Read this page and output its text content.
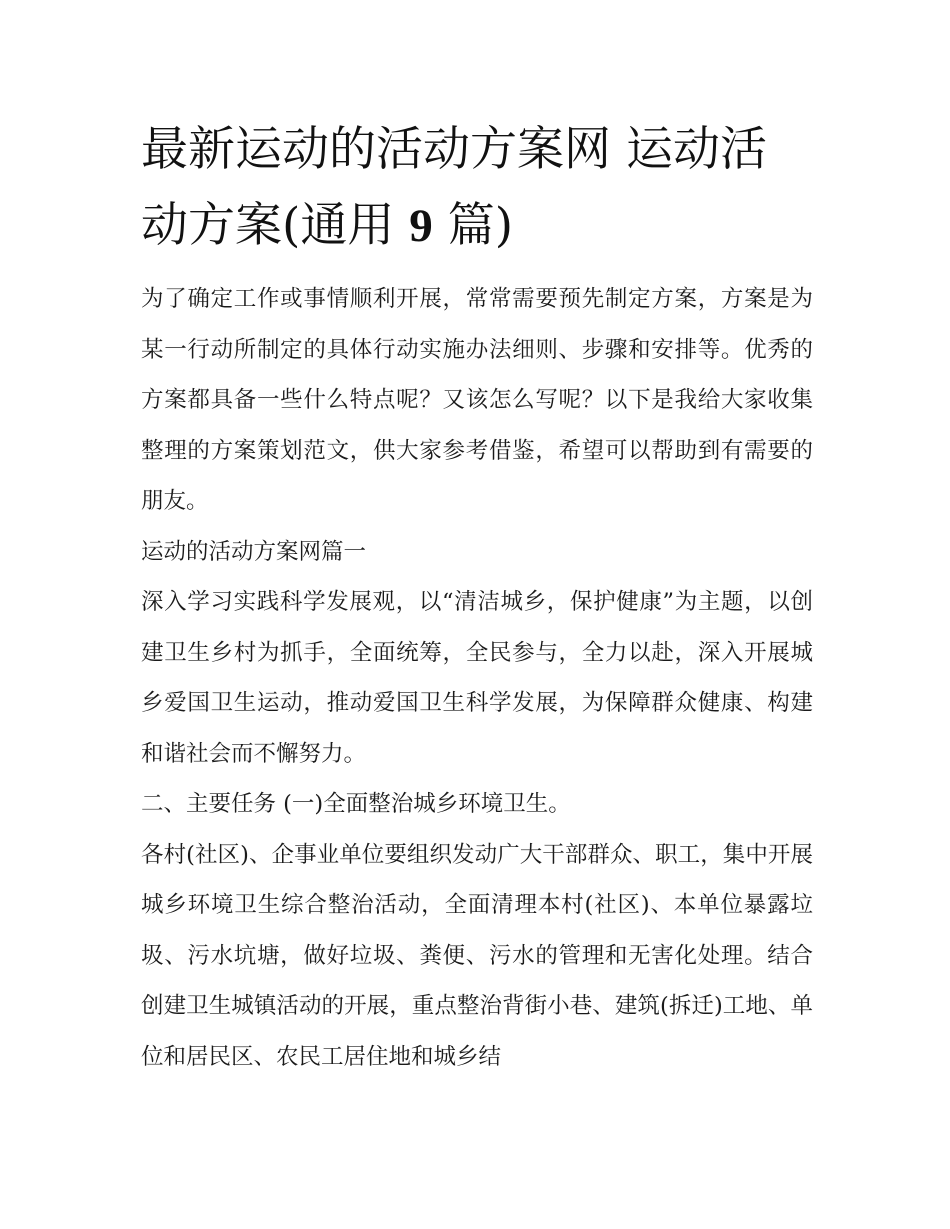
最新运动的活动方案网 运动活动方案(通用 9 篇)

为了确定工作或事情顺利开展，常常需要预先制定方案，方案是为某一行动所制定的具体行动实施办法细则、步骤和安排等。优秀的方案都具备一些什么特点呢？又该怎么写呢？以下是我给大家收集整理的方案策划范文，供大家参考借鉴，希望可以帮助到有需要的朋友。

运动的活动方案网篇一

深入学习实践科学发展观，以“清洁城乡，保护健康”为主题，以创建卫生乡村为抓手，全面统筹，全民参与，全力以赴，深入开展城乡爱国卫生运动，推动爱国卫生科学发展，为保障群众健康、构建和谐社会而不懈努力。

二、主要任务 (一)全面整治城乡环境卫生。

各村(社区)、企事业单位要组织发动广大干部群众、职工，集中开展城乡环境卫生综合整治活动，全面清理本村(社区)、本单位暴露垃圾、污水坑塘，做好垃圾、粪便、污水的管理和无害化处理。结合创建卫生城镇活动的开展，重点整治背街小巷、建筑(拆迁)工地、单位和居民区、农民工居住地和城乡结
